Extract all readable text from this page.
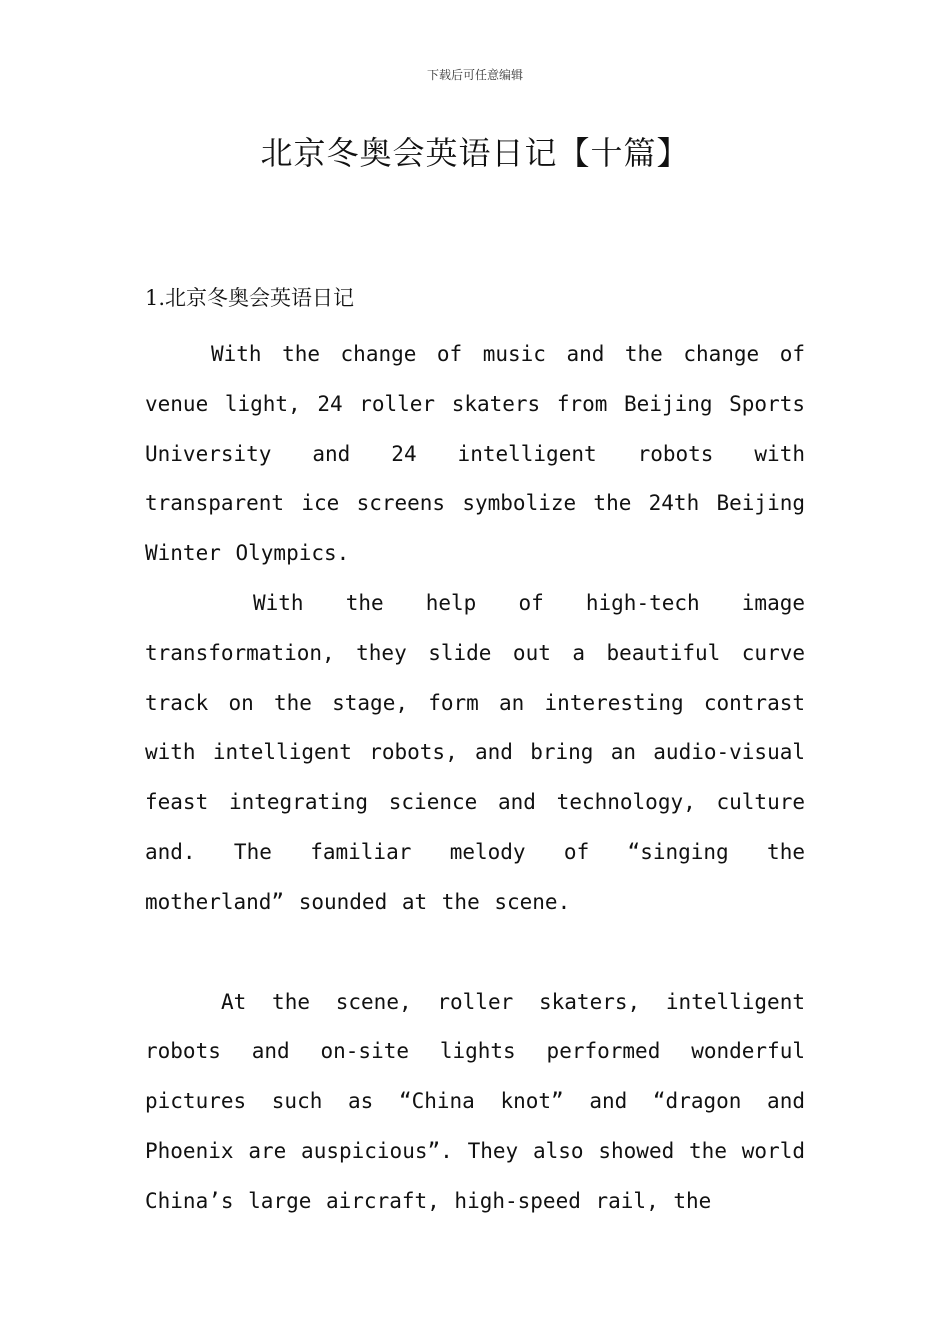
下载后可任意编辑
北京冬奥会英语日记【十篇】
1.北京冬奥会英语日记

With the change of music and the change of venue light, 24 roller skaters from Beijing Sports University and 24 intelligent robots with transparent ice screens symbolize the 24th Beijing Winter Olympics.

With the help of high-tech image transformation, they slide out a beautiful curve track on the stage, form an interesting contrast with intelligent robots, and bring an audio-visual feast integrating science and technology, culture and. The familiar melody of “singing the motherland” sounded at the scene.

At the scene, roller skaters, intelligent robots and on-site lights performed wonderful pictures such as “China knot” and “dragon and Phoenix are auspicious”. They also showed the world China’s large aircraft, high-speed rail, the
